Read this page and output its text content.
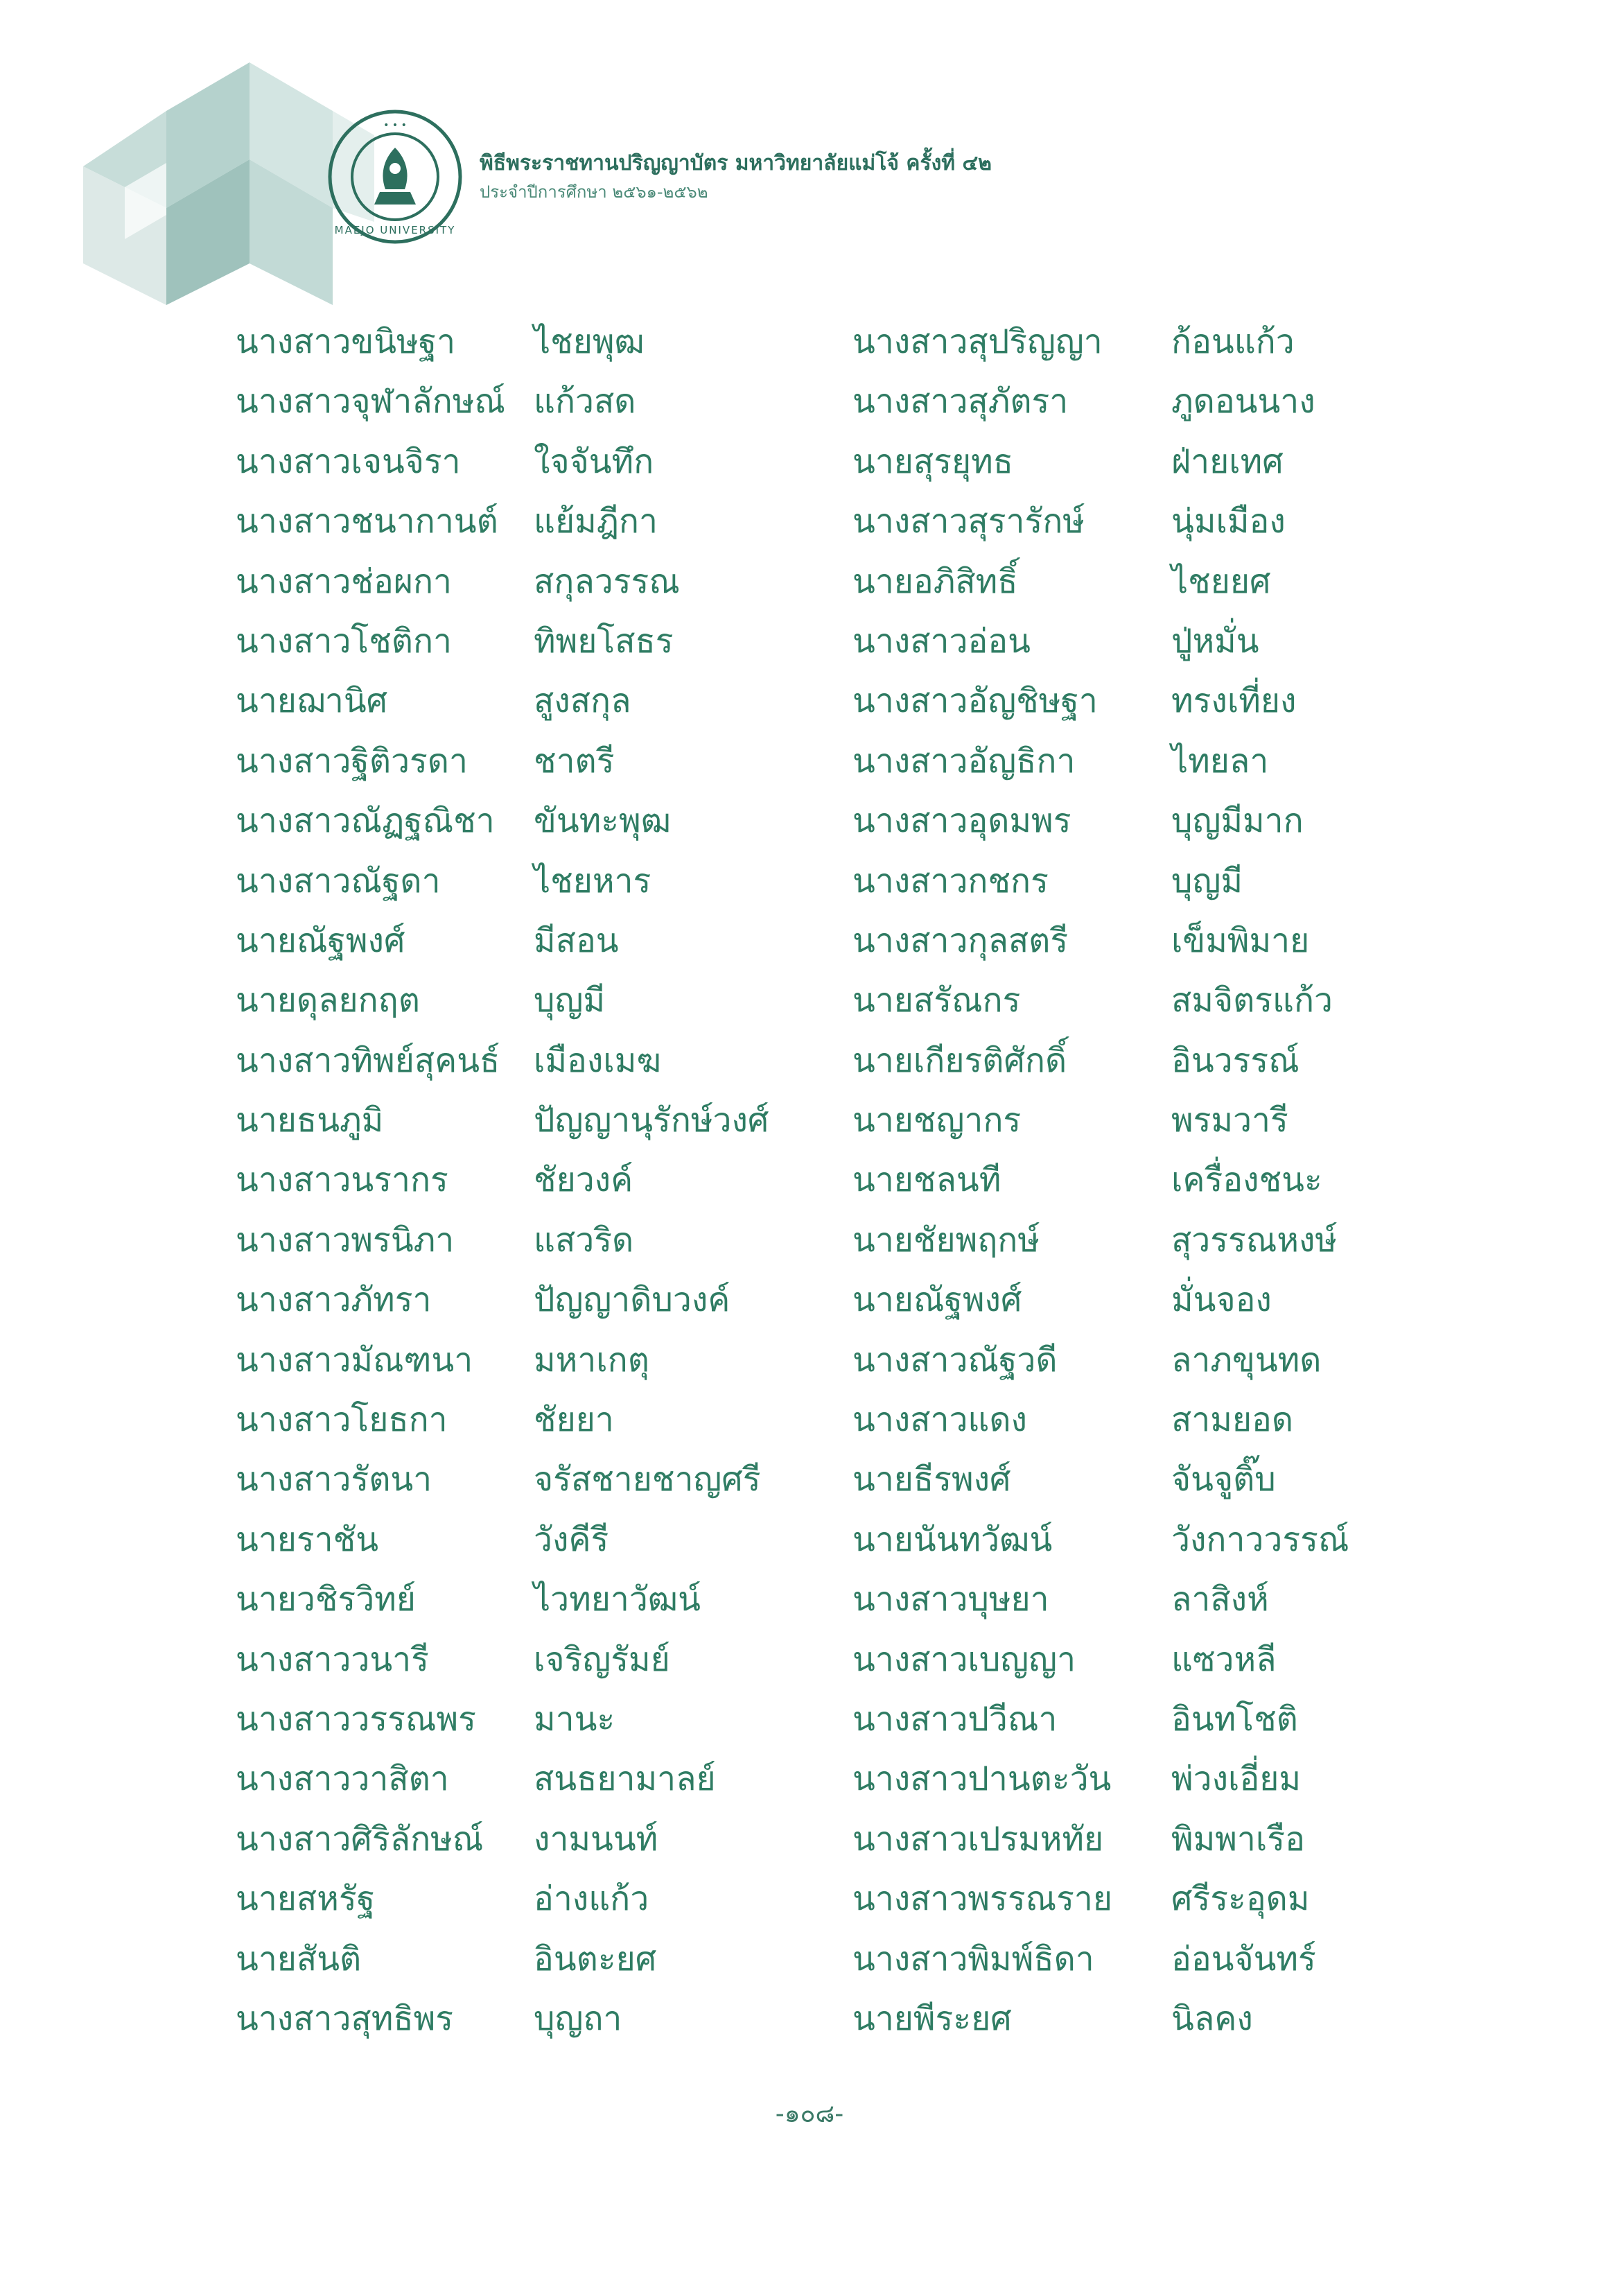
• • •
MAEJO UNIVERSITY
พิธีพระราชทานปริญญาบัตร มหาวิทยาลัยแม่โจ้ ครั้งที่ ๔๒
ประจำปีการศึกษา ๒๕๖๑-๒๕๖๒
นางสาวขนิษฐา ไชยพุฒ	นางสาวสุปริญญา ก้อนแก้ว
นางสาวจุฬาลักษณ์ แก้วสด	นางสาวสุภัตรา	ภูดอนนาง
นางสาวเจนจิรา ใจจันทึก	นายสุรยุทธ	ฝ่ายเทศ
นางสาวชนากานต์ แย้มฎีกา	นางสาวสุรารักษ์	นุ่มเมือง
นางสาวช่อผกา สกุลวรรณ	นายอภิสิทธิ์	ไชยยศ
นางสาวโชติกา ทิพยโสธร	นางสาวอ่อน	ปู่หมั่น
นายฌานิศ	สูงสกุล	นางสาวอัญชิษฐา ทรงเที่ยง
นางสาวฐิติวรดา ชาตรี	นางสาวอัญธิกา	ไทยลา
นางสาวณัฏฐณิชา ขันทะพุฒ	นางสาวอุดมพร	บุญมีมาก
นางสาวณัฐดา	ไชยหาร	นางสาวกชกร	บุญมี
นายณัฐพงศ์	มีสอน	นางสาวกุลสตรี	เข็มพิมาย
นายดุลยกฤต	บุญมี	นายสรัณกร	สมจิตรแก้ว
นางสาวทิพย์สุคนธ์ เมืองเมฆ	นายเกียรติศักดิ์	อินวรรณ์
นายธนภูมิ	ปัญญานุรักษ์วงศ์	นายชญากร	พรมวารี
นางสาวนรากร	ชัยวงค์	นายชลนที	เครื่องชนะ
นางสาวพรนิภา แสวริด	นายชัยพฤกษ์	สุวรรณหงษ์
นางสาวภัทรา	ปัญญาดิบวงค์	นายณัฐพงศ์	มั่นจอง
นางสาวมัณฑนา มหาเกตุ	นางสาวณัฐวดี	ลาภขุนทด
นางสาวโยธกา	ชัยยา	นางสาวแดง	สามยอด
นางสาวรัตนา	จรัสชายชาญศรี	นายธีรพงศ์	จันจูติ๊บ
นายราชัน	วังคีรี	นายนันทวัฒน์	วังกาววรรณ์
นายวชิรวิทย์	ไวทยาวัฒน์	นางสาวบุษยา	ลาสิงห์
นางสาววนารี	เจริญรัมย์	นางสาวเบญญา	แซวหลี
นางสาววรรณพร มานะ	นางสาวปวีณา	อินทโชติ
นางสาววาสิตา	สนธยามาลย์	นางสาวปานตะวัน พ่วงเอี่ยม
นางสาวศิริลักษณ์ งามนนท์	นางสาวเปรมหทัย พิมพาเรือ
นายสหรัฐ	อ่างแก้ว	นางสาวพรรณราย ศรีระอุดม
นายสันติ	อินตะยศ	นางสาวพิมพ์ธิดา อ่อนจันทร์
นางสาวสุทธิพร บุญถา	นายพีระยศ	นิลคง
-๑๐๘-
